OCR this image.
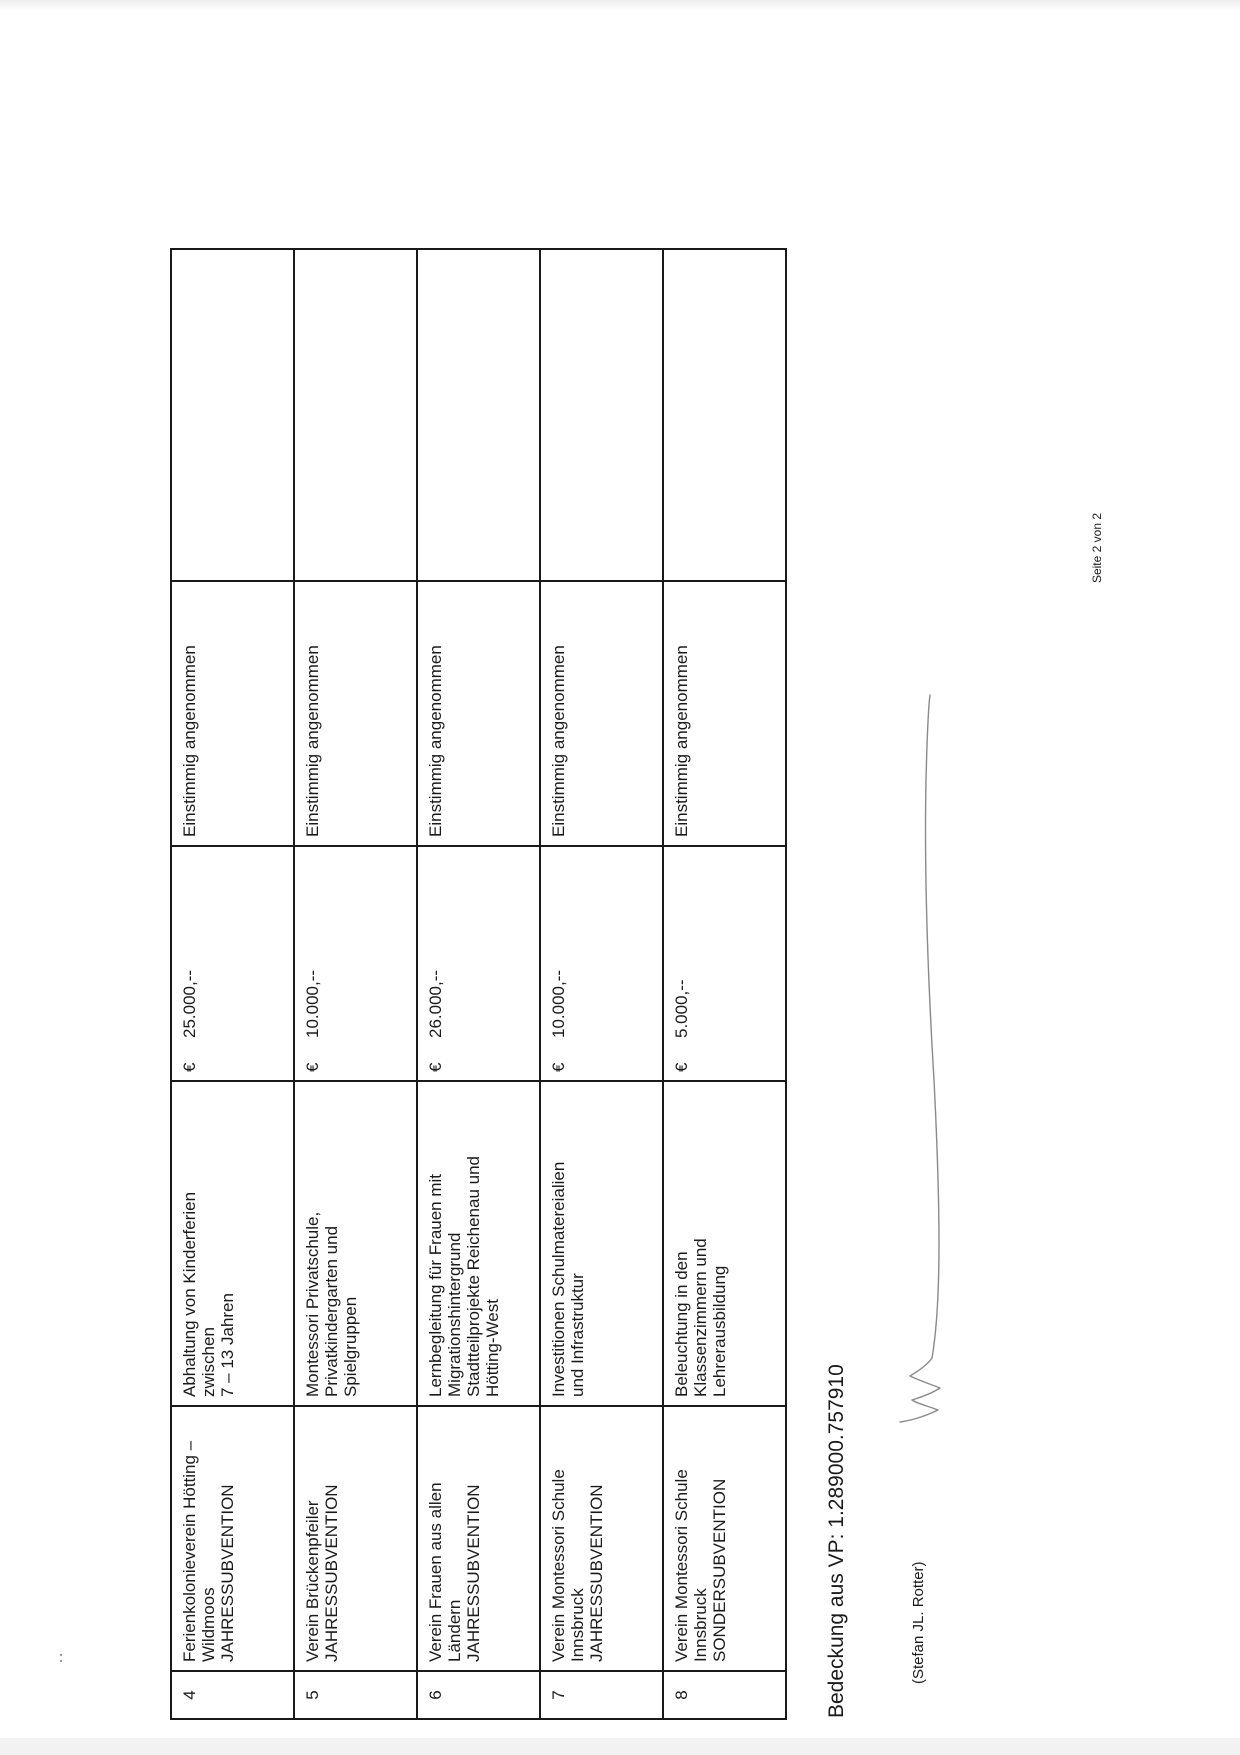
4	Ferienkolonieverein Hötting – Wildmoos JAHRESSUBVENTION	Abhaltung von Kinderferien zwischen 7 – 13 Jahren	€25.000,--	Einstimmig angenommen	
5	Verein Brückenpfeiler JAHRESSUBVENTION	Montessori Privatschule, Privatkindergarten und Spielgruppen	€10.000,--	Einstimmig angenommen	
6	Verein Frauen aus allen Ländern JAHRESSUBVENTION	Lernbegleitung für Frauen mit Migrationshintergrund Stadtteilprojekte Reichenau und Hötting-West	€26.000,--	Einstimmig angenommen	
7	Verein Montessori Schule Innsbruck JAHRESSUBVENTION	Investitionen Schulmatereialien und Infrastruktur	€10.000,--	Einstimmig angenommen	
8	Verein Montessori Schule Innsbruck SONDERSUBVENTION	Beleuchtung in den Klassenzimmern und Lehrerausbildung	€5.000,--	Einstimmig angenommen	
Bedeckung aus VP: 1.289000.757910	(Stefan JL. Rotter)
Seite 2 von 2
